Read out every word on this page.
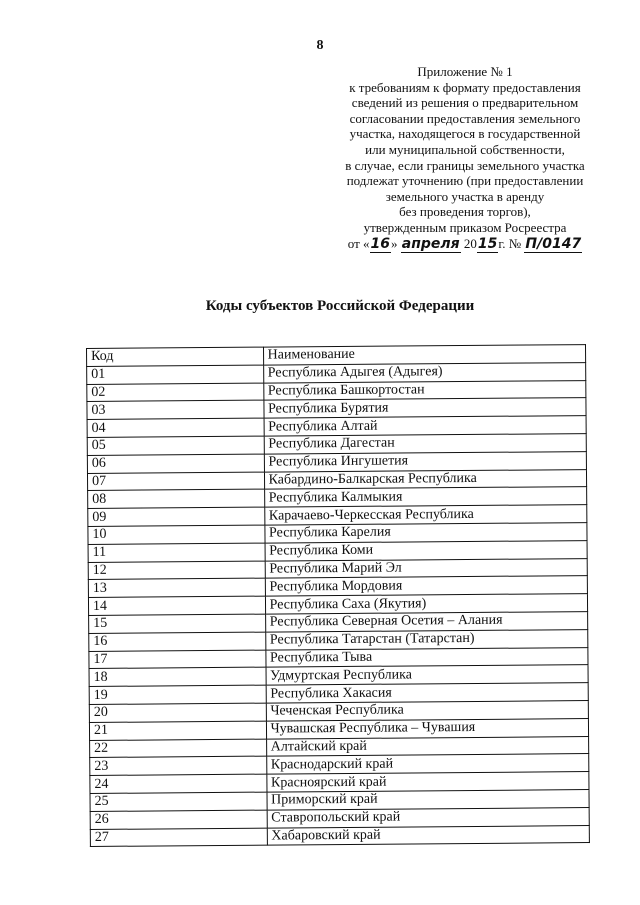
8
Приложение № 1
к требованиям к формату предоставления
сведений из решения о предварительном
согласовании предоставления земельного
участка, находящегося в государственной
или муниципальной собственности,
в случае, если границы земельного участка
подлежат уточнению (при предоставлении
земельного участка в аренду
без проведения торгов),
утвержденным приказом Росреестра
от «16» апреля 2015г. № П/0147
Коды субъектов Российской Федерации
Код	Наименование
01	Республика Адыгея (Адыгея)
02	Республика Башкортостан
03	Республика Бурятия
04	Республика Алтай
05	Республика Дагестан
06	Республика Ингушетия
07	Кабардино-Балкарская Республика
08	Республика Калмыкия
09	Карачаево-Черкесская Республика
10	Республика Карелия
11	Республика Коми
12	Республика Марий Эл
13	Республика Мордовия
14	Республика Саха (Якутия)
15	Республика Северная Осетия – Алания
16	Республика Татарстан (Татарстан)
17	Республика Тыва
18	Удмуртская Республика
19	Республика Хакасия
20	Чеченская Республика
21	Чувашская Республика – Чувашия
22	Алтайский край
23	Краснодарский край
24	Красноярский край
25	Приморский край
26	Ставропольский край
27	Хабаровский край
